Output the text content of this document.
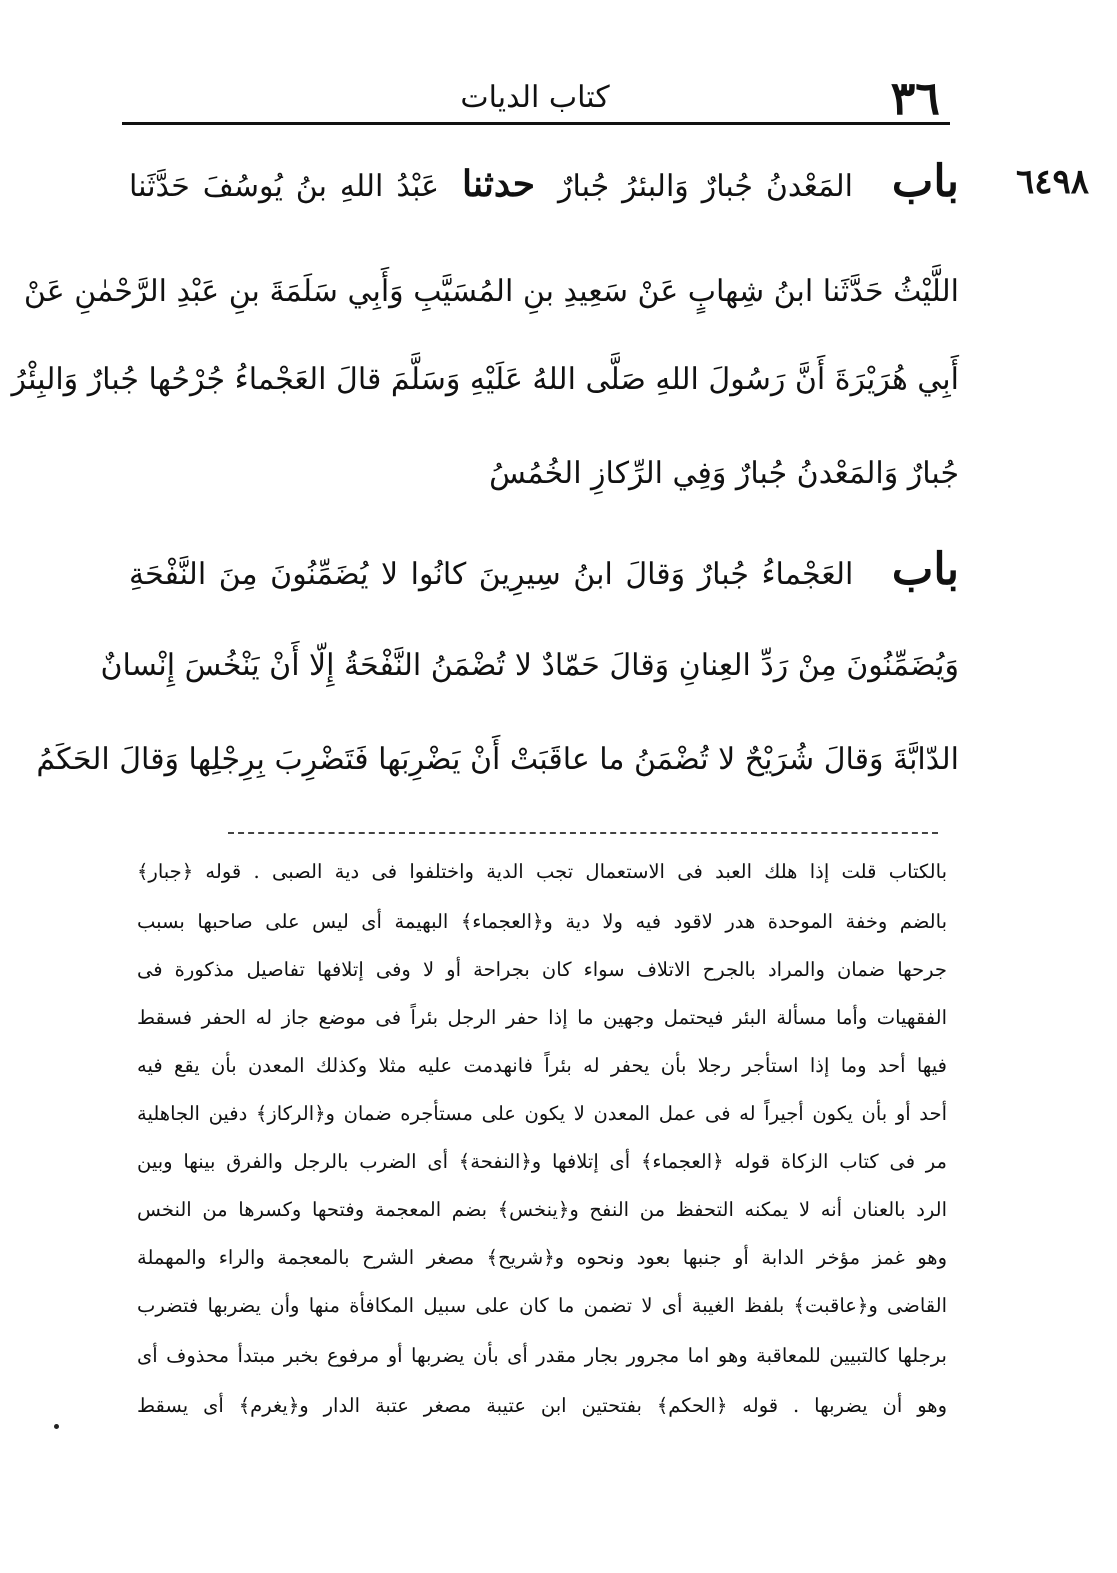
٣٦
كتاب الديات
٦٤٩٨
باب المَعْدنُ جُبارٌ وَالبئرُ جُبارٌ حدثنا عَبْدُ اللهِ بنُ يُوسُفَ حَدَّثَنا
اللَّيْثُ حَدَّثَنا ابنُ شِهابٍ عَنْ سَعِيدِ بنِ المُسَيَّبِ وَأَبِي سَلَمَةَ بنِ عَبْدِ الرَّحْمٰنِ عَنْ
أَبِي هُرَيْرَةَ أَنَّ رَسُولَ اللهِ صَلَّى اللهُ عَلَيْهِ وَسَلَّمَ قالَ العَجْماءُ جُرْحُها جُبارٌ وَالبِئْرُ
جُبارٌ وَالمَعْدنُ جُبارٌ وَفِي الرِّكازِ الخُمُسُ
باب العَجْماءُ جُبارٌ وَقالَ ابنُ سِيرِينَ كانُوا لا يُضَمِّنُونَ مِنَ النَّفْحَةِ
وَيُضَمِّنُونَ مِنْ رَدِّ العِنانِ وَقالَ حَمّادٌ لا تُضْمَنُ النَّفْحَةُ إِلّا أَنْ يَنْخُسَ إِنْسانٌ
الدّابَّةَ وَقالَ شُرَيْحٌ لا تُضْمَنُ ما عاقَبَتْ أَنْ يَضْرِبَها فَتَضْرِبَ بِرِجْلِها وَقالَ الحَكَمُ
بالكتاب قلت إذا هلك العبد فى الاستعمال تجب الدية واختلفوا فى دية الصبى . قوله ﴿جبار﴾
بالضم وخفة الموحدة هدر لاقود فيه ولا دية و﴿العجماء﴾ البهيمة أى ليس على صاحبها بسبب
جرحها ضمان والمراد بالجرح الاتلاف سواء كان بجراحة أو لا وفى إتلافها تفاصيل مذكورة فى
الفقهيات وأما مسألة البئر فيحتمل وجهين ما إذا حفر الرجل بئراً فى موضع جاز له الحفر فسقط
فيها أحد وما إذا استأجر رجلا بأن يحفر له بئراً فانهدمت عليه مثلا وكذلك المعدن بأن يقع فيه
أحد أو بأن يكون أجيراً له فى عمل المعدن لا يكون على مستأجره ضمان و﴿الركاز﴾ دفين الجاهلية
مر فى كتاب الزكاة قوله ﴿العجماء﴾ أى إتلافها و﴿النفحة﴾ أى الضرب بالرجل والفرق بينها وبين
الرد بالعنان أنه لا يمكنه التحفظ من النفح و﴿ينخس﴾ بضم المعجمة وفتحها وكسرها من النخس
وهو غمز مؤخر الدابة أو جنبها بعود ونحوه و﴿شريح﴾ مصغر الشرح بالمعجمة والراء والمهملة
القاضى و﴿عاقبت﴾ بلفظ الغيبة أى لا تضمن ما كان على سبيل المكافأة منها وأن يضربها فتضرب
برجلها كالتبيين للمعاقبة وهو اما مجرور بجار مقدر أى بأن يضربها أو مرفوع بخبر مبتدأ محذوف أى
وهو أن يضربها . قوله ﴿الحكم﴾ بفتحتين ابن عتيبة مصغر عتبة الدار و﴿يغرم﴾ أى يسقط
